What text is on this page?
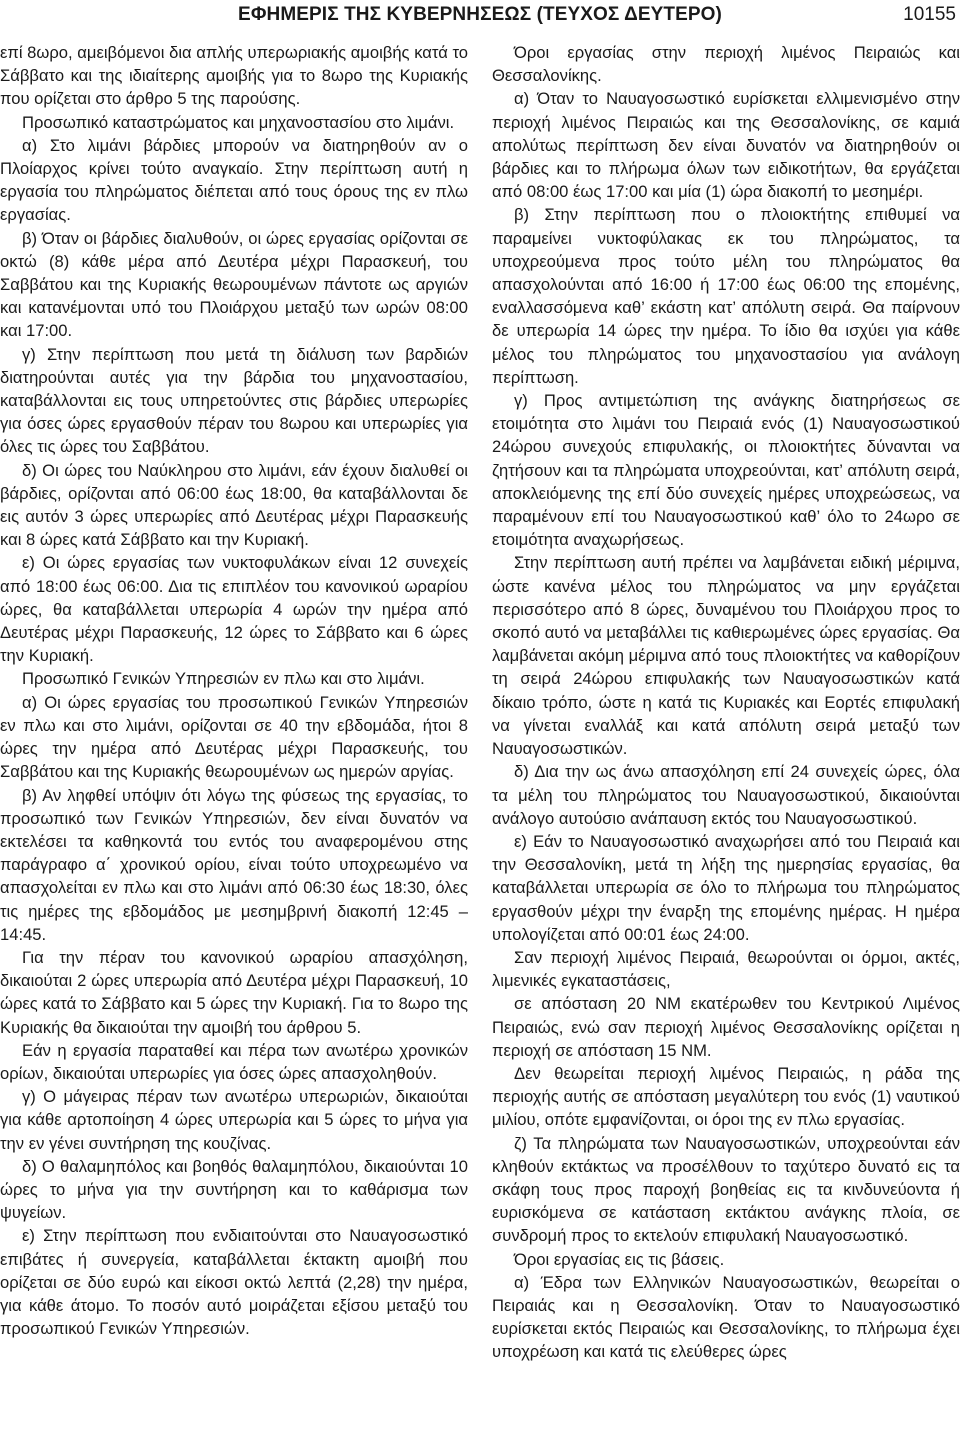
ΕΦΗΜΕΡΙΣ ΤΗΣ ΚΥΒΕΡΝΗΣΕΩΣ (ΤΕΥΧΟΣ ΔΕΥΤΕΡΟ)	10155

επί 8ωρο, αμειβόμενοι δια απλής υπερωριακής αμοιβής κατά το Σάββατο και της ιδιαίτερης αμοιβής για το 8ωρο της Κυριακής που ορίζεται στο άρθρο 5 της παρούσης.

Προσωπικό καταστρώματος και μηχανοστασίου στο λιμάνι.

α) Στο λιμάνι βάρδιες μπορούν να διατηρηθούν αν ο Πλοίαρχος κρίνει τούτο αναγκαίο. Στην περίπτωση αυτή η εργασία του πληρώματος διέπεται από τους όρους της εν πλω εργασίας.

β) Όταν οι βάρδιες διαλυθούν, οι ώρες εργασίας ορίζονται σε οκτώ (8) κάθε μέρα από Δευτέρα μέχρι Παρασκευή, του Σαββάτου και της Κυριακής θεωρουμένων πάντοτε ως αργιών και κατανέμονται υπό του Πλοιάρχου μεταξύ των ωρών 08:00 και 17:00.

γ) Στην περίπτωση που μετά τη διάλυση των βαρδιών διατηρούνται αυτές για την βάρδια του μηχανοστασίου, καταβάλλονται εις τους υπηρετούντες στις βάρδιες υπερωρίες για όσες ώρες εργασθούν πέραν του 8ωρου και υπερωρίες για όλες τις ώρες του Σαββάτου.

δ) Οι ώρες του Ναύκληρου στο λιμάνι, εάν έχουν διαλυθεί οι βάρδιες, ορίζονται από 06:00 έως 18:00, θα καταβάλλονται δε εις αυτόν 3 ώρες υπερωρίες από Δευτέρας μέχρι Παρασκευής και 8 ώρες κατά Σάββατο και την Κυριακή.

ε) Οι ώρες εργασίας των νυκτοφυλάκων είναι 12 συνεχείς από 18:00 έως 06:00. Δια τις επιπλέον του κανονικού ωραρίου ώρες, θα καταβάλλεται υπερωρία 4 ωρών την ημέρα από Δευτέρας μέχρι Παρασκευής, 12 ώρες το Σάββατο και 6 ώρες την Κυριακή.

Προσωπικό Γενικών Υπηρεσιών εν πλω και στο λιμάνι.

α) Οι ώρες εργασίας του προσωπικού Γενικών Υπηρεσιών εν πλω και στο λιμάνι, ορίζονται σε 40 την εβδομάδα, ήτοι 8 ώρες την ημέρα από Δευτέρας μέχρι Παρασκευής, του Σαββάτου και της Κυριακής θεωρουμένων ως ημερών αργίας.

β) Αν ληφθεί υπόψιν ότι λόγω της φύσεως της εργασίας, το προσωπικό των Γενικών Υπηρεσιών, δεν είναι δυνατόν να εκτελέσει τα καθηκοντά του εντός του αναφερομένου στης παράγραφο α΄ χρονικού ορίου, είναι τούτο υποχρεωμένο να απασχολείται εν πλω και στο λιμάνι από 06:30 έως 18:30, όλες τις ημέρες της εβδομάδος με μεσημβρινή διακοπή 12:45 – 14:45.

Για την πέραν του κανονικού ωραρίου απασχόληση, δικαιούται 2 ώρες υπερωρία από Δευτέρα μέχρι Παρασκευή, 10 ώρες κατά το Σάββατο και 5 ώρες την Κυριακή. Για το 8ωρο της Κυριακής θα δικαιούται την αμοιβή του άρθρου 5.

Εάν η εργασία παραταθεί και πέρα των ανωτέρω χρονικών ορίων, δικαιούται υπερωρίες για όσες ώρες απασχοληθούν.

γ) Ο μάγειρας πέραν των ανωτέρω υπερωριών, δικαιούται για κάθε αρτοποίηση 4 ώρες υπερωρία και 5 ώρες το μήνα για την εν γένει συντήρηση της κουζίνας.

δ) Ο θαλαμηπόλος και βοηθός θαλαμηπόλου, δικαιούνται 10 ώρες το μήνα για την συντήρηση και το καθάρισμα των ψυγείων.

ε) Στην περίπτωση που ενδιαιτούνται στο Ναυαγοσωστικό επιβάτες ή συνεργεία, καταβάλλεται έκτακτη αμοιβή που ορίζεται σε δύο ευρώ και είκοσι οκτώ λεπτά (2,28) την ημέρα, για κάθε άτομο. Το ποσόν αυτό μοιράζεται εξίσου μεταξύ του προσωπικού Γενικών Υπηρεσιών.

Όροι εργασίας στην περιοχή λιμένος Πειραιώς και Θεσσαλονίκης.

α) Όταν το Ναυαγοσωστικό ευρίσκεται ελλιμενισμένο στην περιοχή λιμένος Πειραιώς και της Θεσσαλονίκης, σε καμιά απολύτως περίπτωση δεν είναι δυνατόν να διατηρηθούν οι βάρδιες και το πλήρωμα όλων των ειδικοτήτων, θα εργάζεται από 08:00 έως 17:00 και μία (1) ώρα διακοπή το μεσημέρι.

β) Στην περίπτωση που ο πλοιοκτήτης επιθυμεί να παραμείνει νυκτοφύλακας εκ του πληρώματος, τα υποχρεούμενα προς τούτο μέλη του πληρώματος θα απασχολούνται από 16:00 ή 17:00 έως 06:00 της επομένης, εναλλασσόμενα καθ’ εκάστη κατ’ απόλυτη σειρά. Θα παίρνουν δε υπερωρία 14 ώρες την ημέρα. Το ίδιο θα ισχύει για κάθε μέλος του πληρώματος του μηχανοστασίου για ανάλογη περίπτωση.

γ) Προς αντιμετώπιση της ανάγκης διατηρήσεως σε ετοιμότητα στο λιμάνι του Πειραιά ενός (1) Ναυαγοσωστικού 24ώρου συνεχούς επιφυλακής, οι πλοιοκτήτες δύνανται να ζητήσουν και τα πληρώματα υποχρεούνται, κατ’ απόλυτη σειρά, αποκλειόμενης της επί δύο συνεχείς ημέρες υποχρεώσεως, να παραμένουν επί του Ναυαγοσωστικού καθ’ όλο το 24ωρο σε ετοιμότητα αναχωρήσεως.

Στην περίπτωση αυτή πρέπει να λαμβάνεται ειδική μέριμνα, ώστε κανένα μέλος του πληρώματος να μην εργάζεται περισσότερο από 8 ώρες, δυναμένου του Πλοιάρχου προς το σκοπό αυτό να μεταβάλλει τις καθιερωμένες ώρες εργασίας. Θα λαμβάνεται ακόμη μέριμνα από τους πλοιοκτήτες να καθορίζουν τη σειρά 24ώρου επιφυλακής των Ναυαγοσωστικών κατά δίκαιο τρόπο, ώστε η κατά τις Κυριακές και Εορτές επιφυλακή να γίνεται εναλλάξ και κατά απόλυτη σειρά μεταξύ των Ναυαγοσωστικών.

δ) Δια την ως άνω απασχόληση επί 24 συνεχείς ώρες, όλα τα μέλη του πληρώματος του Ναυαγοσωστικού, δικαιούνται ανάλογο αυτούσιο ανάπαυση εκτός του Ναυαγοσωστικού.

ε) Εάν το Ναυαγοσωστικό αναχωρήσει από του Πειραιά και την Θεσσαλονίκη, μετά τη λήξη της ημερησίας εργασίας, θα καταβάλλεται υπερωρία σε όλο το πλήρωμα του πληρώματος εργασθούν μέχρι την έναρξη της επομένης ημέρας. Η ημέρα υπολογίζεται από 00:01 έως 24:00.

Σαν περιοχή λιμένος Πειραιά, θεωρούνται οι όρμοι, ακτές, λιμενικές εγκαταστάσεις,

σε απόσταση 20 ΝΜ εκατέρωθεν του Κεντρικού Λιμένος Πειραιώς, ενώ σαν περιοχή λιμένος Θεσσαλονίκης ορίζεται η περιοχή σε απόσταση 15 ΝΜ.

Δεν θεωρείται περιοχή λιμένος Πειραιώς, η ράδα της περιοχής αυτής σε απόσταση μεγαλύτερη του ενός (1) ναυτικού μιλίου, οπότε εμφανίζονται, οι όροι της εν πλω εργασίας.

ζ) Τα πληρώματα των Ναυαγοσωστικών, υποχρεούνται εάν κληθούν εκτάκτως να προσέλθουν το ταχύτερο δυνατό εις τα σκάφη τους προς παροχή βοηθείας εις τα κινδυνεύοντα ή ευρισκόμενα σε κατάσταση εκτάκτου ανάγκης πλοία, σε συνδρομή προς το εκτελούν επιφυλακή Ναυαγοσωστικό.

Όροι εργασίας εις τις βάσεις.

α) Έδρα των Ελληνικών Ναυαγοσωστικών, θεωρείται ο Πειραιάς και η Θεσσαλονίκη. Όταν το Ναυαγοσωστικό ευρίσκεται εκτός Πειραιώς και Θεσσαλονίκης, το πλήρωμα έχει υποχρέωση και κατά τις ελεύθερες ώρες
